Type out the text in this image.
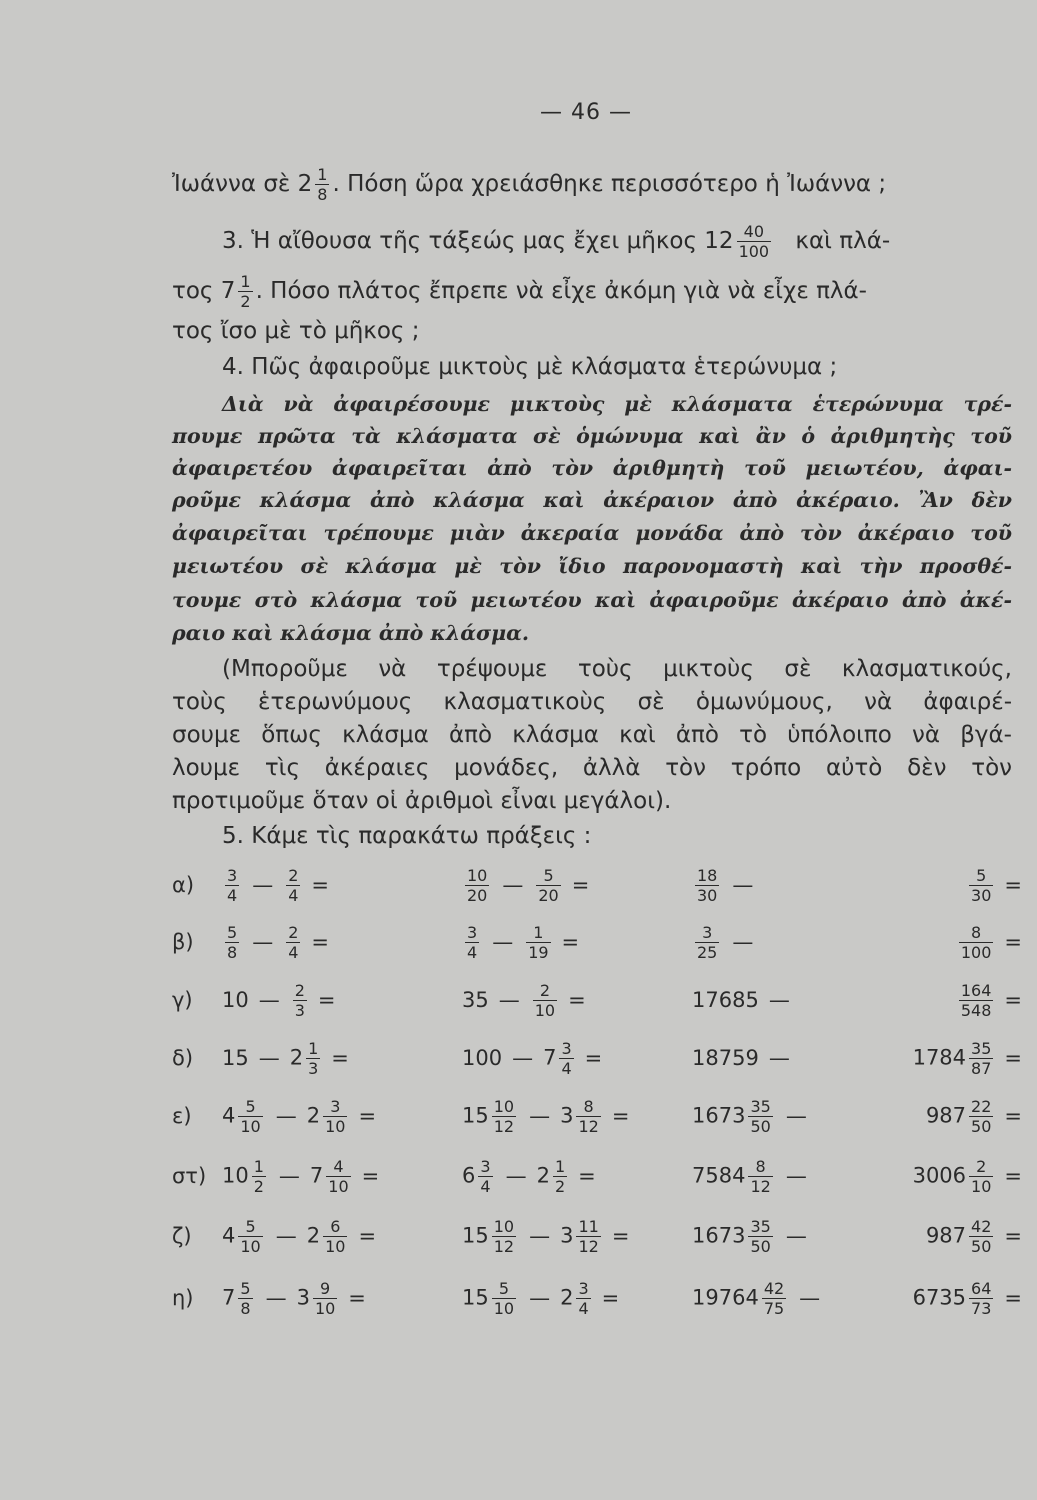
— 46 —
Ἰωάννα σὲ $2 \frac{1}{8}$ . Πόση ὥρα χρειάσθηκε περισσότερο ἡ Ἰωάννα ;
3. Ἡ αἴθουσα τῆς τάξεώς μας ἔχει μῆκος $12 \frac{40}{100}$ καὶ πλά-
τος $7 \frac{1}{2}$ . Πόσο πλάτος ἔπρεπε νὰ εἶχε ἀκόμη γιὰ νὰ εἶχε πλά-
τος ἴσο μὲ τὸ μῆκος ;
4. Πῶς ἀφαιροῦμε μικτοὺς μὲ κλάσματα ἑτερώνυμα ;
Διὰ νὰ ἀφαιρέσουμε μικτοὺς μὲ κλάσματα ἑτερώνυμα τρέ-
πουμε πρῶτα τὰ κλάσματα σὲ ὁμώνυμα καὶ ἂν ὁ ἀριθμητὴς τοῦ
ἀφαιρετέου ἀφαιρεῖται ἀπὸ τὸν ἀριθμητὴ τοῦ μειωτέου, ἀφαι-
ροῦμε κλάσμα ἀπὸ κλάσμα καὶ ἀκέραιον ἀπὸ ἀκέραιο. Ἂν δὲν
ἀφαιρεῖται τρέπουμε μιὰν ἀκεραία μονάδα ἀπὸ τὸν ἀκέραιο τοῦ
μειωτέου σὲ κλάσμα μὲ τὸν ἴδιο παρονομαστὴ καὶ τὴν προσθέ-
τουμε στὸ κλάσμα τοῦ μειωτέου καὶ ἀφαιροῦμε ἀκέραιο ἀπὸ ἀκέ-
ραιο καὶ κλάσμα ἀπὸ κλάσμα.
(Μποροῦμε νὰ τρέψουμε τοὺς μικτοὺς σὲ κλασματικούς,
τοὺς ἑτερωνύμους κλασματικοὺς σὲ ὁμωνύμους, νὰ ἀφαιρέ-
σουμε ὅπως κλάσμα ἀπὸ κλάσμα καὶ ἀπὸ τὸ ὑπόλοιπο νὰ βγά-
λουμε τὶς ἀκέραιες μονάδες, ἀλλὰ τὸν τρόπο αὐτὸ δὲν τὸν
προτιμοῦμε ὅταν οἱ ἀριθμοὶ εἶναι μεγάλοι).
5. Κάμε τὶς παρακάτω πράξεις :
$\alpha) \frac{3}{4}$ — $\frac{2}{4}$ =	$\frac{10}{20}$ — $\frac{5}{20}$ =	$\frac{18}{30}$ —	$\frac{5}{30}$ =
$\beta) \frac{5}{8}$ — $\frac{2}{4}$ =	$\frac{3}{4}$ — $\frac{1}{19}$ =	$\frac{3}{25}$ —	$\frac{8}{100}$ =
γ) 10 — $\frac{2}{3}$ =	35 — $\frac{2}{10}$ =	17685 —	$\frac{164}{548}$ =
δ) 15 — $2 \frac{1}{3}$ =	100 — $7 \frac{3}{4}$ =	18759 —	$1784 \frac{35}{87}$ =
ε) $4 \frac{5}{10}$ — $2 \frac{3}{10}$ =	$15 \frac{10}{12}$ — $3 \frac{8}{12}$ =	$1673 \frac{35}{50}$ —	$987 \frac{22}{50}$ =
στ) $10 \frac{1}{2}$ — $7 \frac{4}{10}$ =	$6 \frac{3}{4}$ — $2 \frac{1}{2}$ =	$7584 \frac{8}{12}$ —	$3006 \frac{2}{10}$ =
ζ) $4 \frac{5}{10}$ — $2 \frac{6}{10}$ =	$15 \frac{10}{12}$ — $3 \frac{11}{12}$ =	$1673 \frac{35}{50}$ —	$987 \frac{42}{50}$ =
η) $7 \frac{5}{8}$ — $3 \frac{9}{10}$ =	$15 \frac{5}{10}$ — $2 \frac{3}{4}$ =	$19764 \frac{42}{75}$ —	$6735 \frac{64}{73}$ =
